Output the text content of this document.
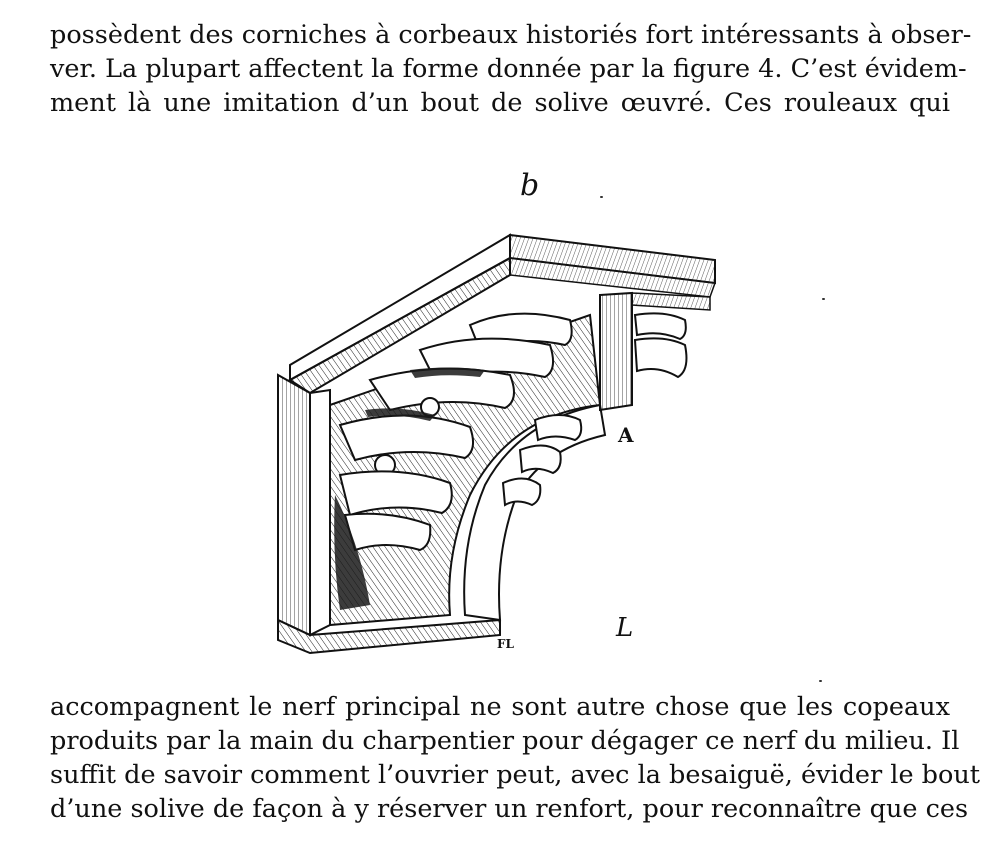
possèdent des corniches à corbeaux historiés fort intéressants à obser-
ver. La plupart affectent la forme donnée par la figure 4. C’est évidem-
ment là une imitation d’un bout de solive œuvré. Ces rouleaux qui

b
A
FL
L

accompagnent le nerf principal ne sont autre chose que les copeaux
produits par la main du charpentier pour dégager ce nerf du milieu. Il
suffit de savoir comment l’ouvrier peut, avec la besaiguë, évider le bout
d’une solive de façon à y réserver un renfort, pour reconnaître que ces
